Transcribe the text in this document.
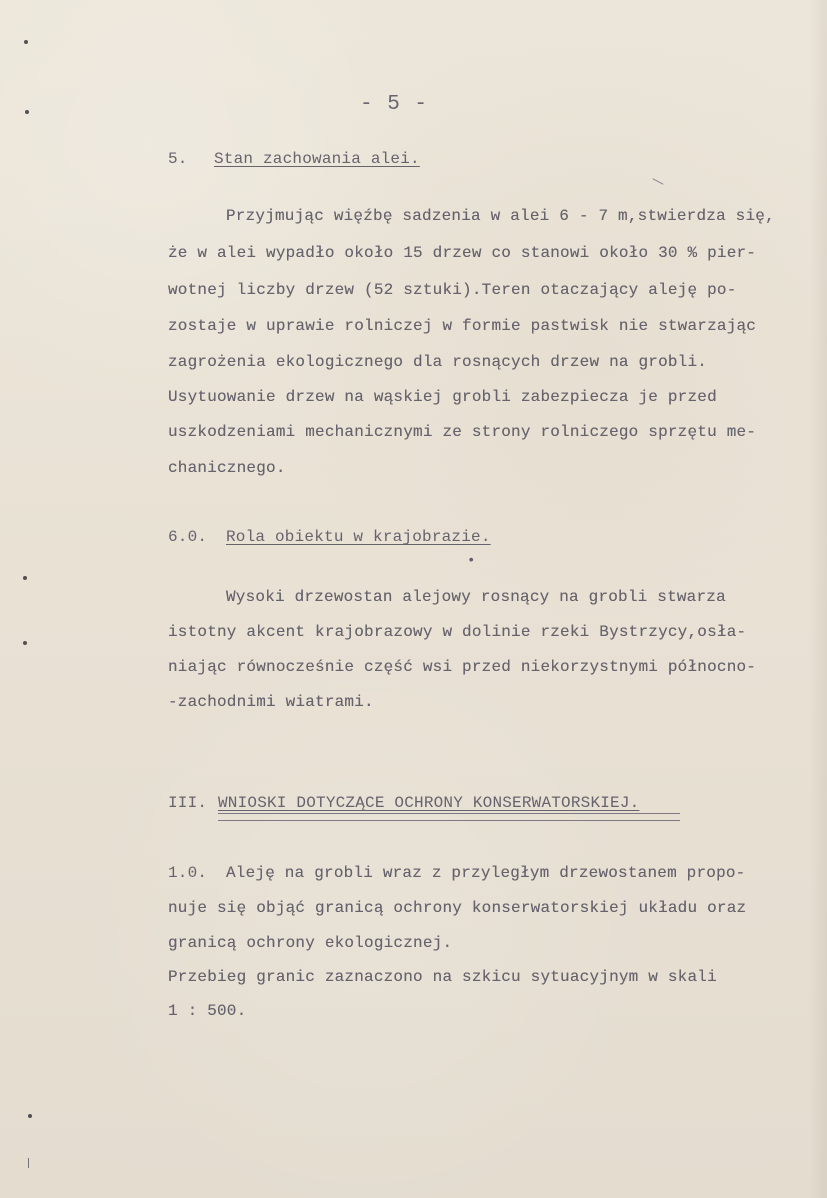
- 5 -
5. Stan zachowania alei.
Przyjmując więźbę sadzenia w alei 6 - 7 m,stwierdza się,
że w alei wypadło około 15 drzew co stanowi około 30 % pier-
wotnej liczby drzew (52 sztuki).Teren otaczający aleję po-
zostaje w uprawie rolniczej w formie pastwisk nie stwarzając
zagrożenia ekologicznego dla rosnących drzew na grobli.
Usytuowanie drzew na wąskiej grobli zabezpiecza je przed
uszkodzeniami mechanicznymi ze strony rolniczego sprzętu me-
chanicznego.
6.0. Rola obiektu w krajobrazie.
•
Wysoki drzewostan alejowy rosnący na grobli stwarza
istotny akcent krajobrazowy w dolinie rzeki Bystrzycy,osła-
niając równocześnie część wsi przed niekorzystnymi północno-
-zachodnimi wiatrami.
III. WNIOSKI DOTYCZĄCE OCHRONY KONSERWATORSKIEJ.
1.0. Aleję na grobli wraz z przyległym drzewostanem propo-
nuje się objąć granicą ochrony konserwatorskiej układu oraz
granicą ochrony ekologicznej.
Przebieg granic zaznaczono na szkicu sytuacyjnym w skali
1 : 500.
